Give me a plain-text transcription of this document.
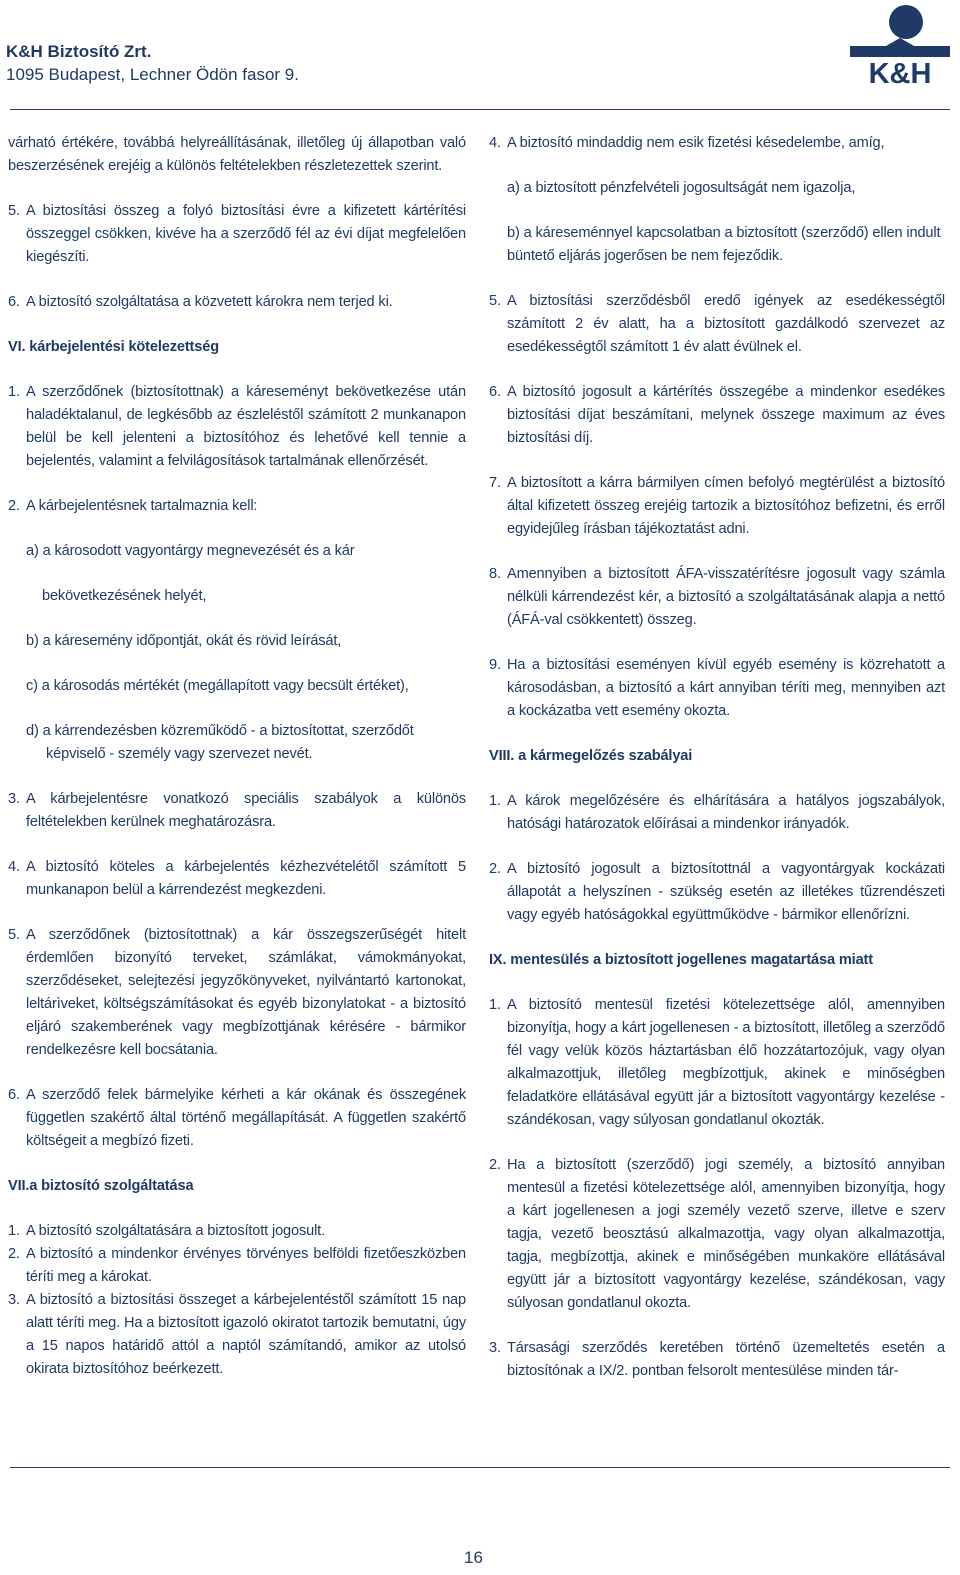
K&H Biztosító Zrt.
1095 Budapest, Lechner Ödön fasor 9.	K&H
várható értékére, továbbá helyreállításának, illetőleg új állapotban való beszerzésének erejéig a különös feltételekben részletezettek szerint.
5. A biztosítási összeg a folyó biztosítási évre a kifizetett kártérítési összeggel csökken, kivéve ha a szerződő fél az évi díjat megfelelően kiegészíti.
6. A biztosító szolgáltatása a közvetett károkra nem terjed ki.
VI. kárbejelentési kötelezettség
1. A szerződőnek (biztosítottnak) a káreseményt bekövetkezése után haladéktalanul, de legkésőbb az észleléstől számított 2 munkanapon belül be kell jelenteni a biztosítóhoz és lehetővé kell tennie a bejelentés, valamint a felvilágosítások tartalmának ellenőrzését.
2. A kárbejelentésnek tartalmaznia kell:
a) a károsodott vagyontárgy megnevezését és a kár
bekövetkezésének helyét,
b) a káresemény időpontját, okát és rövid leírását,
c) a károsodás mértékét (megállapított vagy becsült értéket),
d) a kárrendezésben közreműködő - a biztosítottat, szerződőt képviselő - személy vagy szervezet nevét.
3. A kárbejelentésre vonatkozó speciális szabályok a különös feltételekben kerülnek meghatározásra.
4. A biztosító köteles a kárbejelentés kézhezvételétől számított 5 munkanapon belül a kárrendezést megkezdeni.
5. A szerződőnek (biztosítottnak) a kár összegszerűségét hitelt érdemlően bizonyító terveket, számlákat, vámokmányokat, szerződéseket, selejtezési jegyzőkönyveket, nyilvántartó kartonokat, leltárìveket, költségszámításokat és egyéb bizonylatokat - a biztosító eljáró szakemberének vagy megbízottjának kérésére - bármikor rendelkezésre kell bocsátania.
6. A szerződő felek bármelyike kérheti a kár okának és összegének független szakértő által történő megállapítását. A független szakértő költségeit a megbízó fizeti.
VII.a biztosító szolgáltatása
1. A biztosító szolgáltatására a biztosított jogosult.
2. A biztosító a mindenkor érvényes törvényes belföldi fizetőeszközben téríti meg a károkat.
3. A biztosító a biztosítási összeget a kárbejelentéstől számított 15 nap alatt téríti meg. Ha a biztosított igazoló okiratot tartozik bemutatni, úgy a 15 napos határidő attól a naptól számítandó, amikor az utolsó okirata biztosítóhoz beérkezett.
4. A biztosító mindaddig nem esik fizetési késedelembe, amíg,
a) a biztosított pénzfelvételi jogosultságát nem igazolja,
b) a káreseménnyel kapcsolatban a biztosított (szerződő) ellen indult büntető eljárás jogerősen be nem fejeződik.
5. A biztosítási szerződésből eredő igények az esedékességtől számított 2 év alatt, ha a biztosított gazdálkodó szervezet az esedékességtől számított 1 év alatt évülnek el.
6. A biztosító jogosult a kártérítés összegébe a mindenkor esedékes biztosítási díjat beszámítani, melynek összege maximum az éves biztosítási díj.
7. A biztosított a kárra bármilyen címen befolyó megtérülést a biztosító által kifizetett összeg erejéig tartozik a biztosítóhoz befizetni, és erről egyidejűleg írásban tájékoztatást adni.
8. Amennyiben a biztosított ÁFA-visszatérítésre jogosult vagy számla nélküli kárrendezést kér, a biztosító a szolgáltatásának alapja a nettó (ÁFÁ-val csökkentett) összeg.
9. Ha a biztosítási eseményen kívül egyéb esemény is közrehatott a károsodásban, a biztosító a kárt annyiban téríti meg, mennyiben azt a kockázatba vett esemény okozta.
VIII. a kármegelőzés szabályai
1. A károk megelőzésére és elhárítására a hatályos jogszabályok, hatósági határozatok előírásai a mindenkor irányadók.
2. A biztosító jogosult a biztosítottnál a vagyontárgyak kockázati állapotát a helyszínen - szükség esetén az illetékes tűzrendészeti vagy egyéb hatóságokkal együttműködve - bármikor ellenőrízni.
IX. mentesülés a biztosított jogellenes magatartása miatt
1. A biztosító mentesül fizetési kötelezettsége alól, amennyiben bizonyítja, hogy a kárt jogellenesen - a biztosított, illetőleg a szerződő fél vagy velük közös háztartásban élő hozzátartozójuk, vagy olyan alkalmazottjuk, illetőleg megbízottjuk, akinek e minőségben feladatköre ellátásával együtt jár a biztosított vagyontárgy kezelése - szándékosan, vagy súlyosan gondatlanul okozták.
2. Ha a biztosított (szerződő) jogi személy, a biztosító annyiban mentesül a fizetési kötelezettsége alól, amennyiben bizonyítja, hogy a kárt jogellenesen a jogi személy vezető szerve, illetve e szerv tagja, vezető beosztású alkalmazottja, vagy olyan alkalmazottja, tagja, megbízottja, akinek e minőségében munkaköre ellátásával együtt jár a biztosított vagyontárgy kezelése, szándékosan, vagy súlyosan gondatlanul okozta.
3. Társasági szerződés keretében történő üzemeltetés esetén a biztosítónak a IX/2. pontban felsorolt mentesülése minden tár-
16
